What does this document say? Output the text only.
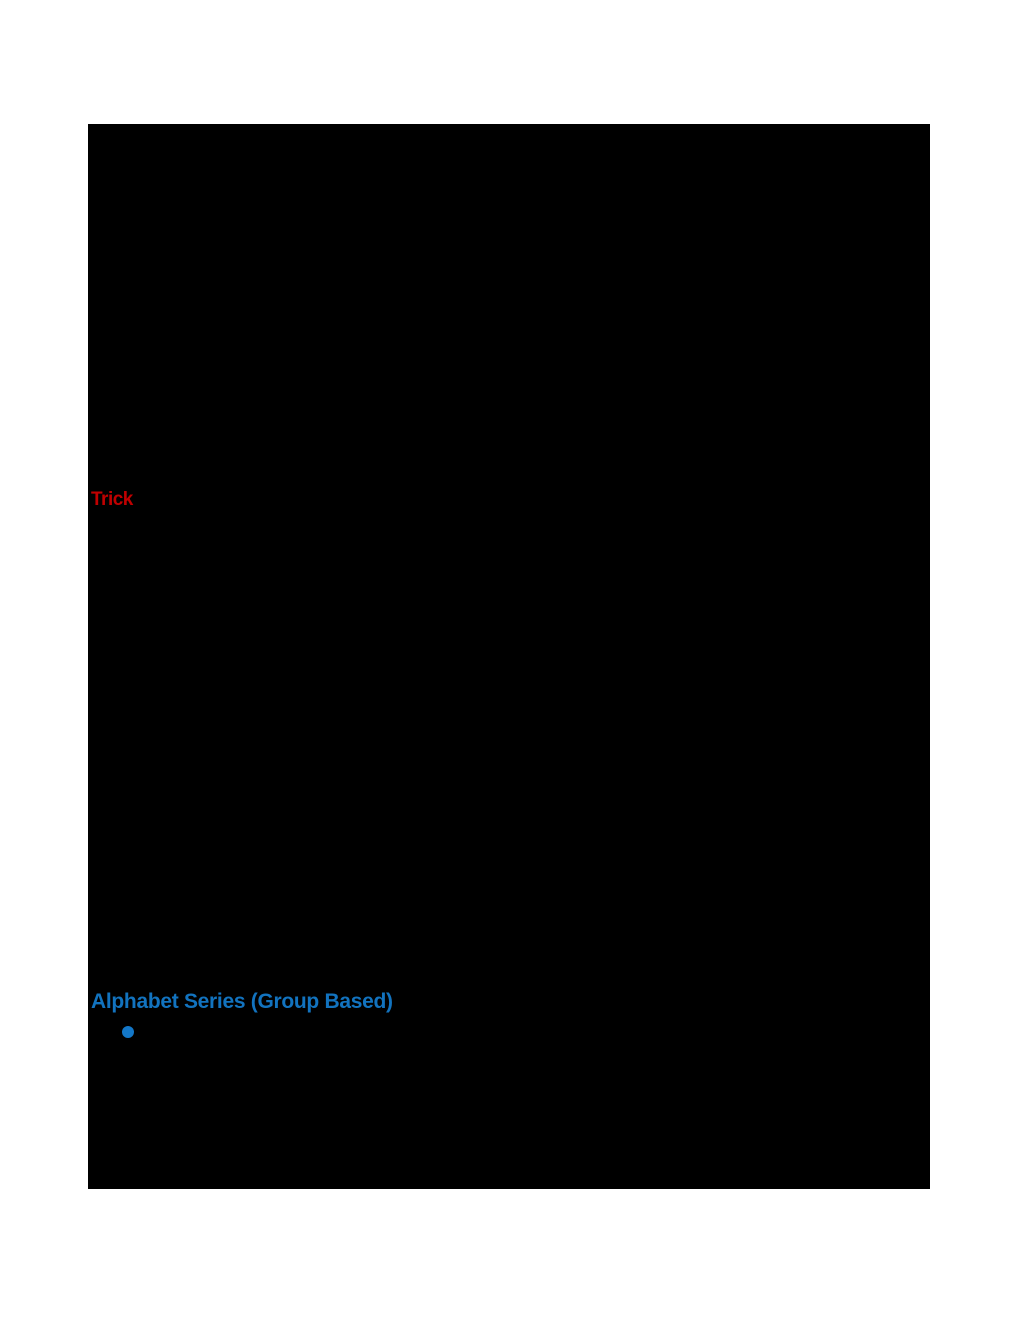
Trick
Alphabet Series (Group Based)
